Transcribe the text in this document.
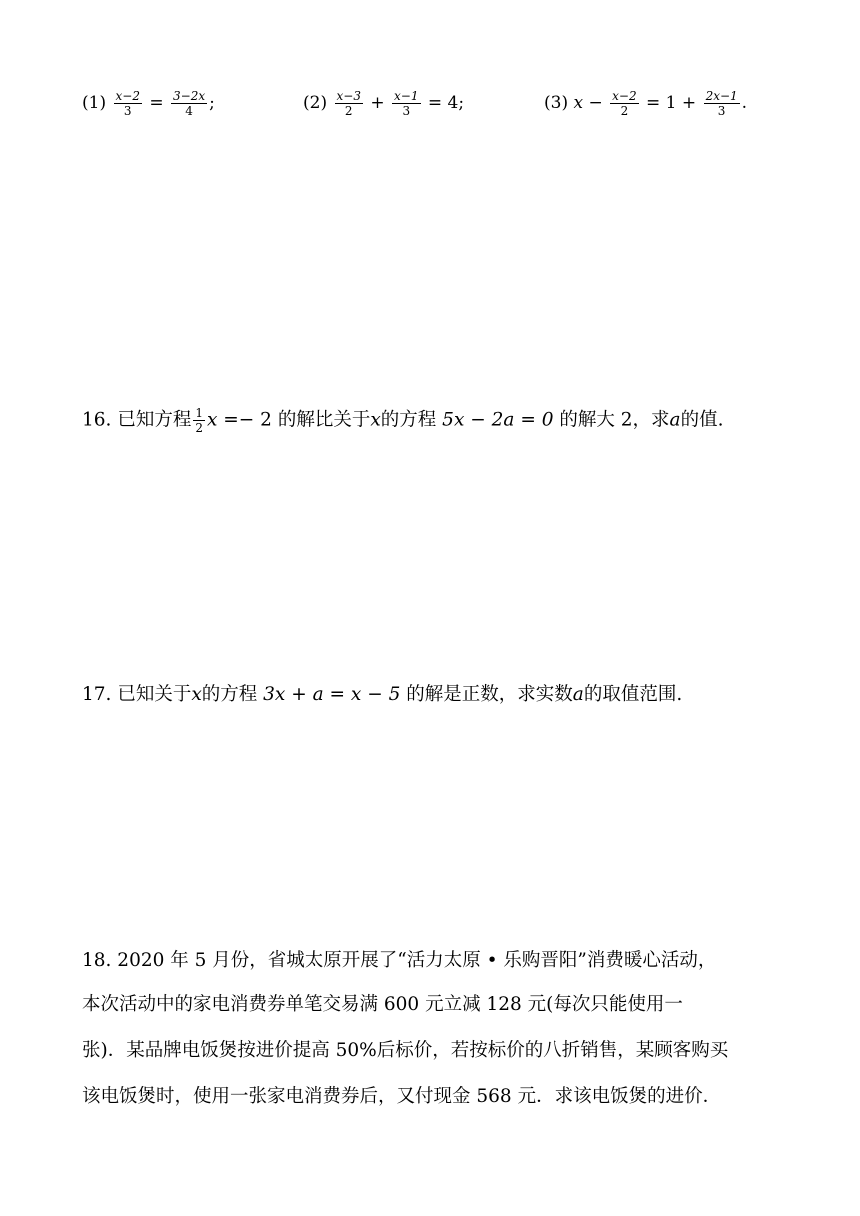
$(1) \frac{x-2}{3} = \frac{3-2x}{4}$ ;	$(2) \frac{x-3}{2} + \frac{x-1}{3} = 4$;	(3) $x - \frac{x-2}{2} = 1 + \frac{2x-1}{3}$ .
16. 已知方程 $\frac{1}{2}$ x =− 2 的解比关于x的方程 5x − 2a = 0 的解大 2，求a的值.
17. 已知关于x的方程 3x + a = x − 5 的解是正数，求实数a的取值范围.
18. 2020 年 5 月份，省城太原开展了“活力太原 • 乐购晋阳”消费暖心活动，
本次活动中的家电消费券单笔交易满 600 元立减 128 元(每次只能使用一
张)．某品牌电饭煲按进价提高 50%后标价，若按标价的八折销售，某顾客购买
该电饭煲时，使用一张家电消费券后，又付现金 568 元．求该电饭煲的进价．
